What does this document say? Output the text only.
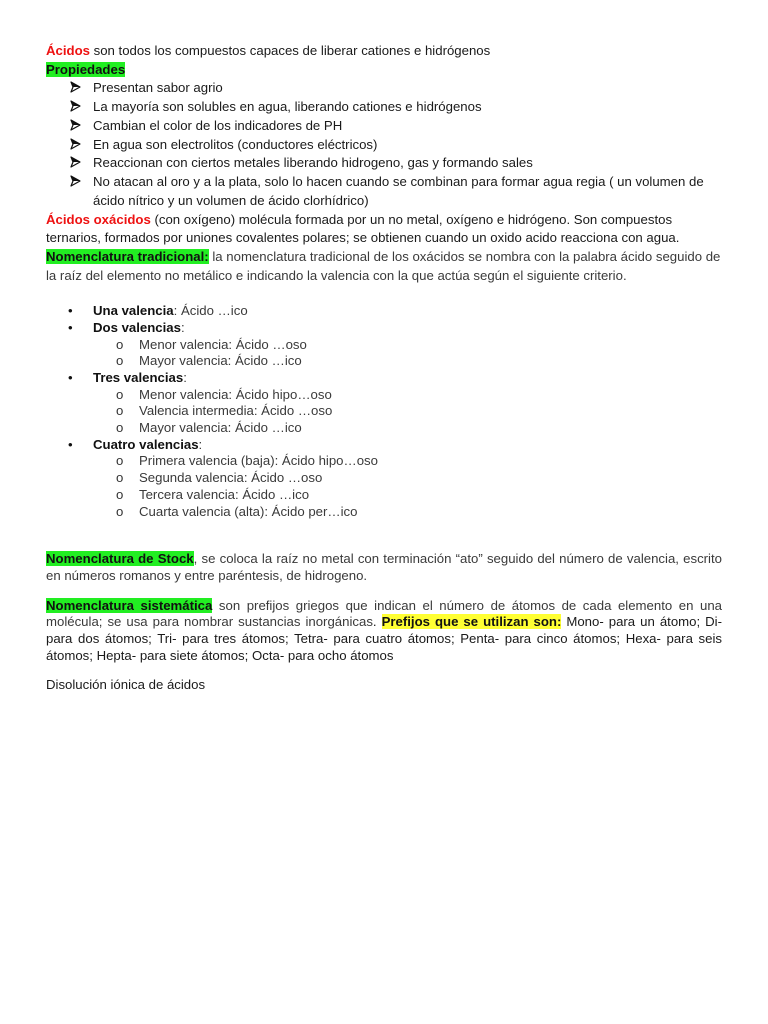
Ácidos son todos los compuestos capaces de liberar cationes e hidrógenos

Propiedades

Presentan sabor agrio
La mayoría son solubles en agua, liberando cationes e hidrógenos
Cambian el color de los indicadores de PH
En agua son electrolitos (conductores eléctricos)
Reaccionan con ciertos metales liberando hidrogeno, gas y formando sales
No atacan al oro y a la plata, solo lo hacen cuando se combinan para formar agua regia ( un volumen de ácido nítrico y un volumen de ácido clorhídrico)

Ácidos oxácidos (con oxígeno) molécula formada por un no metal, oxígeno e hidrógeno. Son compuestos ternarios, formados por uniones covalentes polares; se obtienen cuando un oxido acido reacciona con agua.

Nomenclatura tradicional: la nomenclatura tradicional de los oxácidos se nombra con la palabra ácido seguido de la raíz del elemento no metálico e indicando la valencia con la que actúa según el siguiente criterio.

• Una valencia: Ácido …ico
• Dos valencias:
o Menor valencia: Ácido …oso
o Mayor valencia: Ácido …ico
• Tres valencias:
o Menor valencia: Ácido hipo…oso
o Valencia intermedia: Ácido …oso
o Mayor valencia: Ácido …ico
• Cuatro valencias:
o Primera valencia (baja): Ácido hipo…oso
o Segunda valencia: Ácido …oso
o Tercera valencia: Ácido …ico
o Cuarta valencia (alta): Ácido per…ico

Nomenclatura de Stock, se coloca la raíz no metal con terminación “ato” seguido del número de valencia, escrito en números romanos y entre paréntesis, de hidrogeno.

Nomenclatura sistemática son prefijos griegos que indican el número de átomos de cada elemento en una molécula; se usa para nombrar sustancias inorgánicas. Prefijos que se utilizan son: Mono- para un átomo; Di- para dos átomos; Tri- para tres átomos; Tetra- para cuatro átomos; Penta- para cinco átomos; Hexa- para seis átomos; Hepta- para siete átomos; Octa- para ocho átomos

Disolución iónica de ácidos
